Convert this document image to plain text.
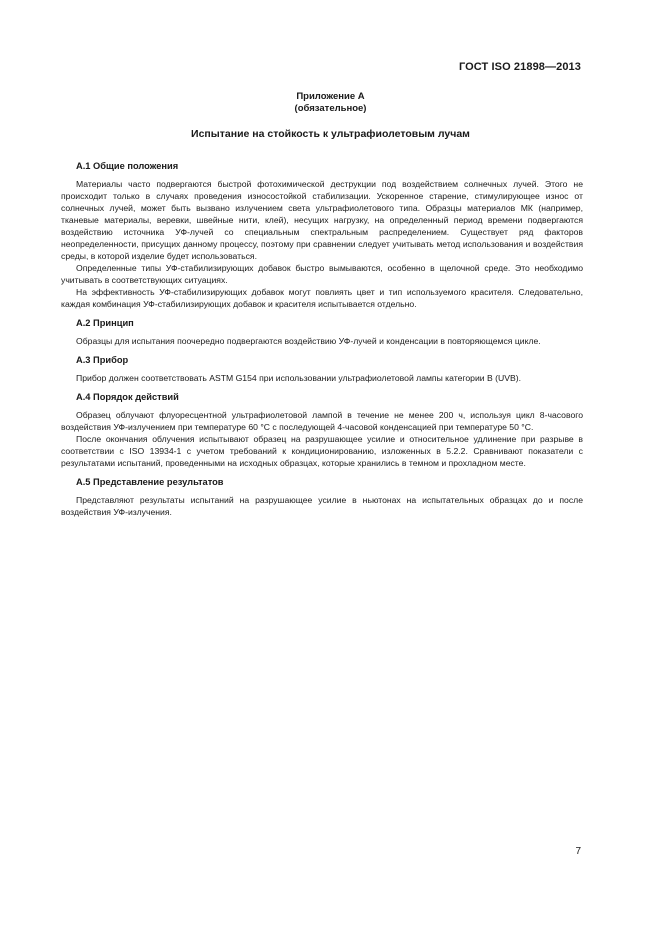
ГОСТ ISO 21898—2013
Приложение А
(обязательное)
Испытание на стойкость к ультрафиолетовым лучам
А.1 Общие положения

Материалы часто подвергаются быстрой фотохимической деструкции под воздействием солнечных лучей. Этого не происходит только в случаях проведения износостойкой стабилизации. Ускоренное старение, стимулирующее износ от солнечных лучей, может быть вызвано излучением света ультрафиолетового типа. Образцы материалов МК (например, тканевые материалы, веревки, швейные нити, клей), несущих нагрузку, на определенный период времени подвергаются воздействию источника УФ-лучей со специальным спектральным распределением. Существует ряд факторов неопределенности, присущих данному процессу, поэтому при сравнении следует учитывать метод использования и воздействия среды, в которой изделие будет использоваться.

Определенные типы УФ-стабилизирующих добавок быстро вымываются, особенно в щелочной среде. Это необходимо учитывать в соответствующих ситуациях.

На эффективность УФ-стабилизирующих добавок могут повлиять цвет и тип используемого красителя. Следовательно, каждая комбинация УФ-стабилизирующих добавок и красителя испытывается отдельно.

А.2 Принцип

Образцы для испытания поочередно подвергаются воздействию УФ-лучей и конденсации в повторяющемся цикле.

А.3 Прибор

Прибор должен соответствовать ASTM G154 при использовании ультрафиолетовой лампы категории В (UVB).

А.4 Порядок действий

Образец облучают флуоресцентной ультрафиолетовой лампой в течение не менее 200 ч, используя цикл 8-часового воздействия УФ-излучением при температуре 60 °С с последующей 4-часовой конденсацией при температуре 50 °С.

После окончания облучения испытывают образец на разрушающее усилие и относительное удлинение при разрыве в соответствии с ISO 13934-1 с учетом требований к кондиционированию, изложенных в 5.2.2. Сравнивают показатели с результатами испытаний, проведенными на исходных образцах, которые хранились в темном и прохладном месте.

А.5 Представление результатов

Представляют результаты испытаний на разрушающее усилие в ньютонах на испытательных образцах до и после воздействия УФ-излучения.

7
